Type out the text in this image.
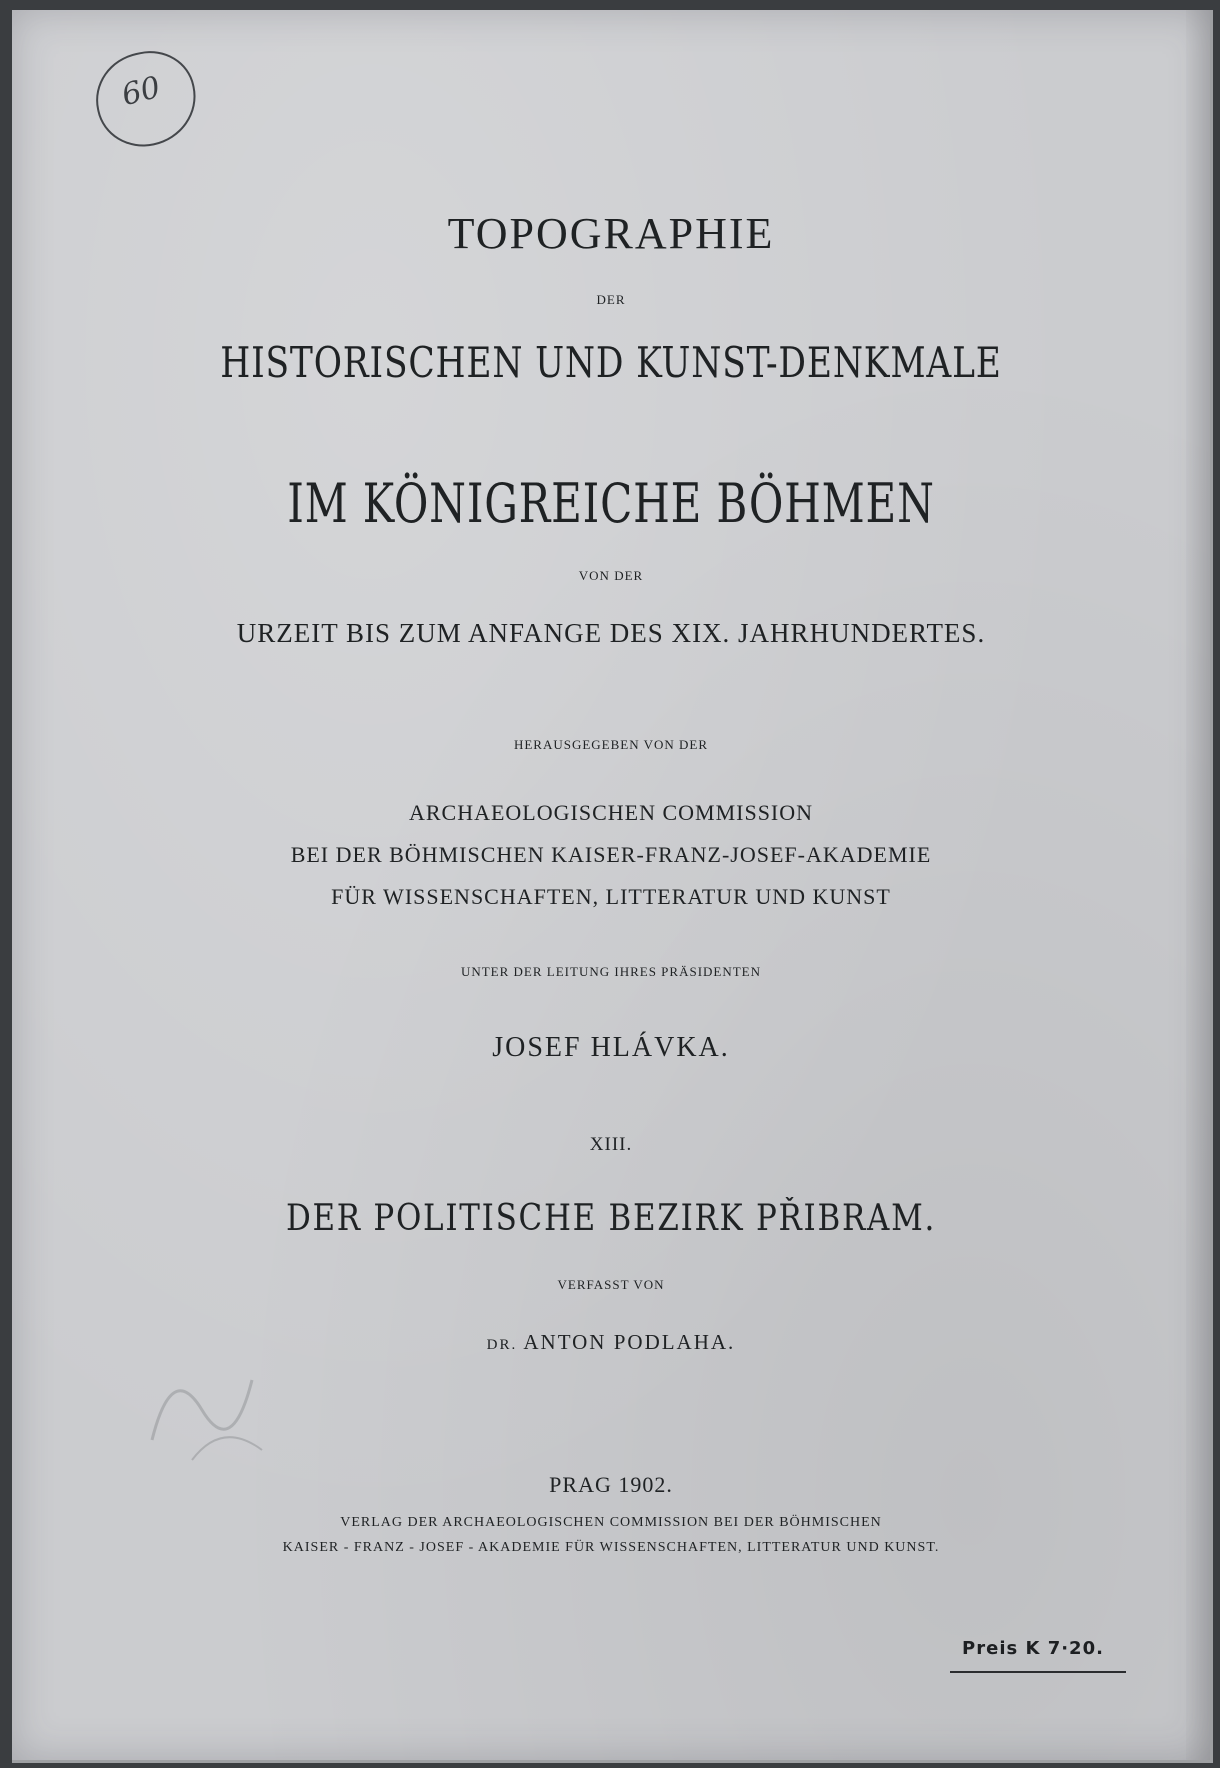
60
TOPOGRAPHIE
DER
HISTORISCHEN UND KUNST-DENKMALE
IM KÖNIGREICHE BÖHMEN
VON DER
URZEIT BIS ZUM ANFANGE DES XIX. JAHRHUNDERTES.
HERAUSGEGEBEN VON DER
ARCHAEOLOGISCHEN COMMISSION
BEI DER BÖHMISCHEN KAISER-FRANZ-JOSEF-AKADEMIE
FÜR WISSENSCHAFTEN, LITTERATUR UND KUNST
UNTER DER LEITUNG IHRES PRÄSIDENTEN
JOSEF HLÁVKA.
XIII.
DER POLITISCHE BEZIRK PŘIBRAM.
VERFASST VON
DR. ANTON PODLAHA.
PRAG 1902.
VERLAG DER ARCHAEOLOGISCHEN COMMISSION BEI DER BÖHMISCHEN
KAISER - FRANZ - JOSEF - AKADEMIE FÜR WISSENSCHAFTEN, LITTERATUR UND KUNST.
Preis K 7·20.
